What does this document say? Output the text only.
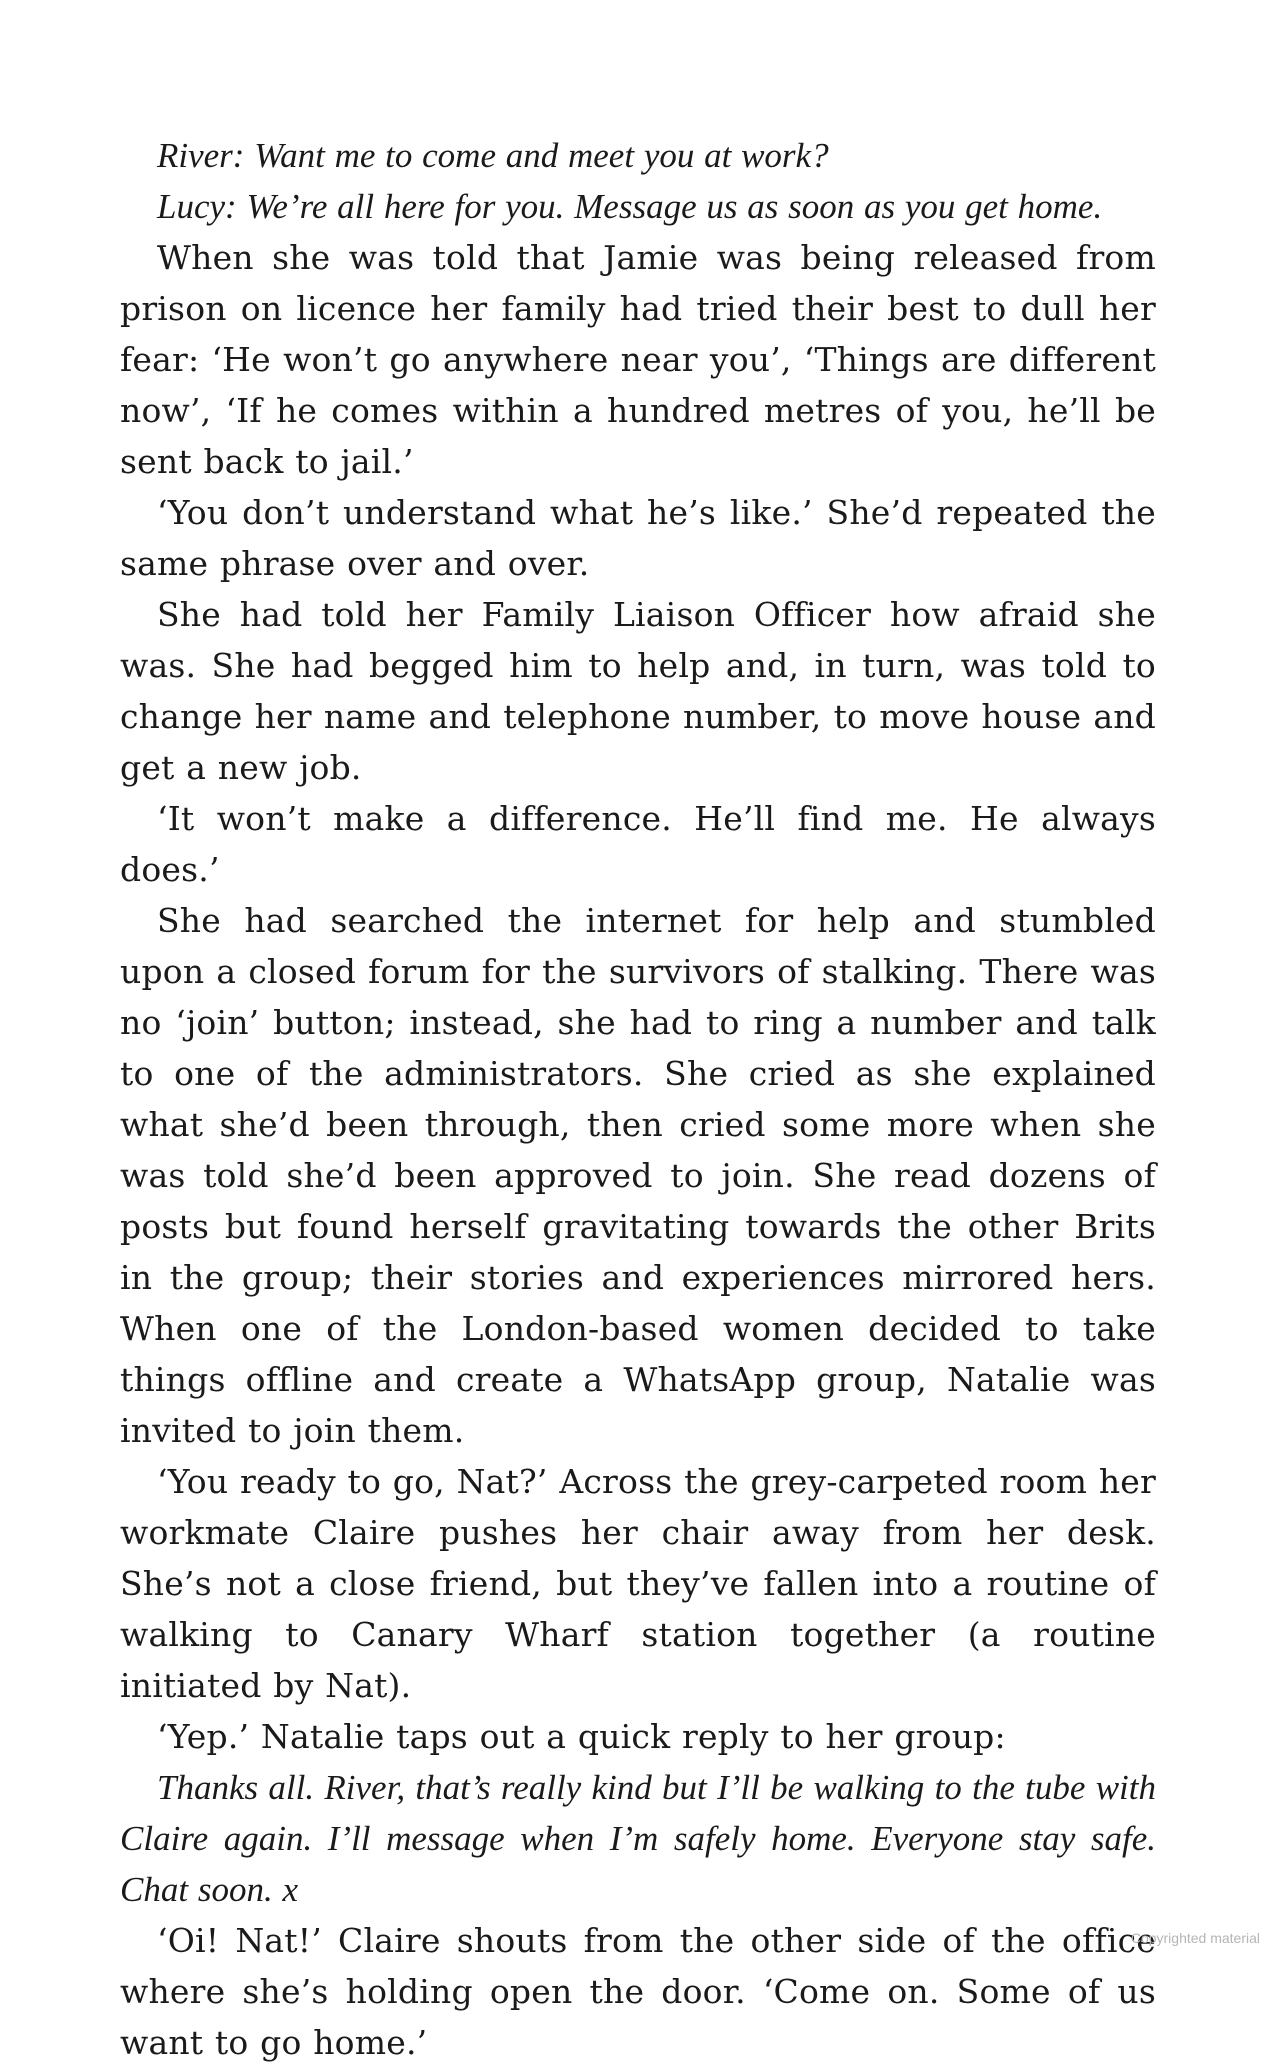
River: Want me to come and meet you at work?

Lucy: We’re all here for you. Message us as soon as you get home.

When she was told that Jamie was being released from prison on licence her family had tried their best to dull her fear: ‘He won’t go anywhere near you’, ‘Things are different now’, ‘If he comes within a hundred metres of you, he’ll be sent back to jail.’

‘You don’t understand what he’s like.’ She’d repeated the same phrase over and over.

She had told her Family Liaison Officer how afraid she was. She had begged him to help and, in turn, was told to change her name and telephone number, to move house and get a new job.

‘It won’t make a difference. He’ll find me. He always does.’

She had searched the internet for help and stumbled upon a closed forum for the survivors of stalking. There was no ‘join’ button; instead, she had to ring a number and talk to one of the administrators. She cried as she explained what she’d been through, then cried some more when she was told she’d been approved to join. She read dozens of posts but found herself gravitating towards the other Brits in the group; their stories and experiences mirrored hers. When one of the London-based women decided to take things offline and create a WhatsApp group, Natalie was invited to join them.

‘You ready to go, Nat?’ Across the grey-carpeted room her workmate Claire pushes her chair away from her desk. She’s not a close friend, but they’ve fallen into a routine of walking to Canary Wharf station together (a routine initiated by Nat).

‘Yep.’ Natalie taps out a quick reply to her group:

Thanks all. River, that’s really kind but I’ll be walking to the tube with Claire again. I’ll message when I’m safely home. Everyone stay safe. Chat soon. x

‘Oi! Nat!’ Claire shouts from the other side of the office where she’s holding open the door. ‘Come on. Some of us want to go home.’

Copyrighted material
